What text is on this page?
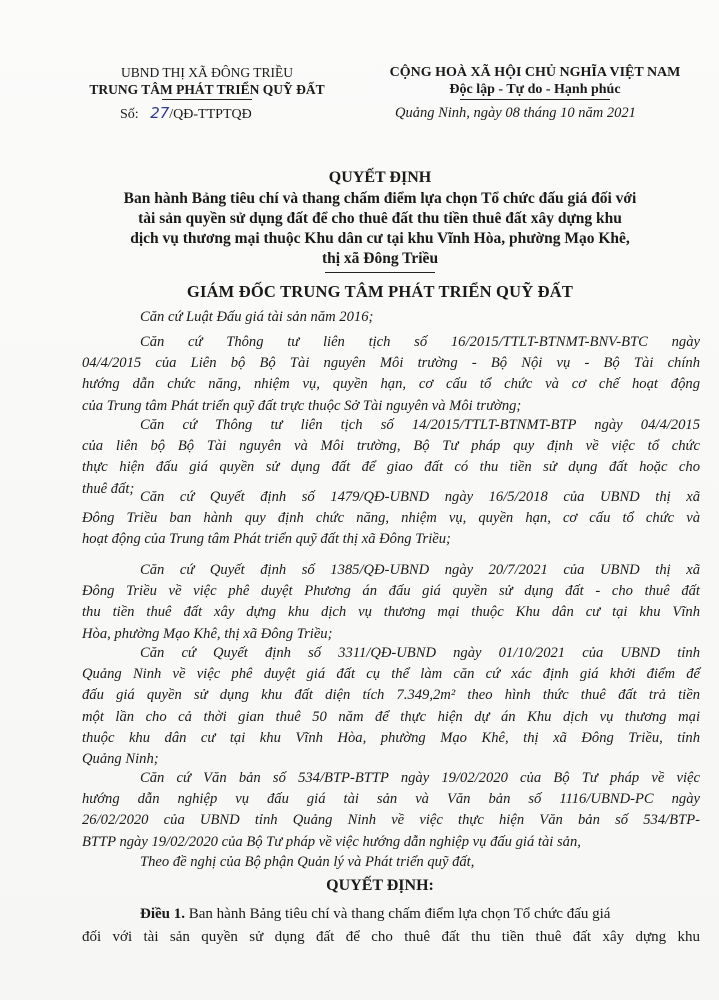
UBND THỊ XÃ ĐÔNG TRIỀU
TRUNG TÂM PHÁT TRIỂN QUỸ ĐẤT
Số: 27/QĐ-TTPTQĐ
CỘNG HOÀ XÃ HỘI CHỦ NGHĨA VIỆT NAM
Độc lập - Tự do - Hạnh phúc
Quảng Ninh, ngày 08 tháng 10 năm 2021
QUYẾT ĐỊNH
Ban hành Bảng tiêu chí và thang chấm điểm lựa chọn Tổ chức đấu giá đối với
tài sản quyền sử dụng đất để cho thuê đất thu tiền thuê đất xây dựng khu
dịch vụ thương mại thuộc Khu dân cư tại khu Vĩnh Hòa, phường Mạo Khê,
thị xã Đông Triều
GIÁM ĐỐC TRUNG TÂM PHÁT TRIỂN QUỸ ĐẤT
Căn cứ Luật Đấu giá tài sản năm 2016;
Căn cứ Thông tư liên tịch số 16/2015/TTLT-BTNMT-BNV-BTC ngày
04/4/2015 của Liên bộ Bộ Tài nguyên Môi trường - Bộ Nội vụ - Bộ Tài chính
hướng dẫn chức năng, nhiệm vụ, quyền hạn, cơ cấu tổ chức và cơ chế hoạt động
của Trung tâm Phát triển quỹ đất trực thuộc Sở Tài nguyên và Môi trường;
Căn cứ Thông tư liên tịch số 14/2015/TTLT-BTNMT-BTP ngày 04/4/2015
của liên bộ Bộ Tài nguyên và Môi trường, Bộ Tư pháp quy định về việc tổ chức
thực hiện đấu giá quyền sử dụng đất để giao đất có thu tiền sử dụng đất hoặc cho
thuê đất;
Căn cứ Quyết định số 1479/QĐ-UBND ngày 16/5/2018 của UBND thị xã
Đông Triều ban hành quy định chức năng, nhiệm vụ, quyền hạn, cơ cấu tổ chức và
hoạt động của Trung tâm Phát triển quỹ đất thị xã Đông Triều;
Căn cứ Quyết định số 1385/QĐ-UBND ngày 20/7/2021 của UBND thị xã
Đông Triều về việc phê duyệt Phương án đấu giá quyền sử dụng đất - cho thuê đất
thu tiền thuê đất xây dựng khu dịch vụ thương mại thuộc Khu dân cư tại khu Vĩnh
Hòa, phường Mạo Khê, thị xã Đông Triều;
Căn cứ Quyết định số 3311/QĐ-UBND ngày 01/10/2021 của UBND tỉnh
Quảng Ninh về việc phê duyệt giá đất cụ thể làm căn cứ xác định giá khởi điểm để
đấu giá quyền sử dụng khu đất diện tích 7.349,2m² theo hình thức thuê đất trả tiền
một lần cho cả thời gian thuê 50 năm để thực hiện dự án Khu dịch vụ thương mại
thuộc khu dân cư tại khu Vĩnh Hòa, phường Mạo Khê, thị xã Đông Triều, tỉnh
Quảng Ninh;
Căn cứ Văn bản số 534/BTP-BTTP ngày 19/02/2020 của Bộ Tư pháp về việc
hướng dẫn nghiệp vụ đấu giá tài sản và Văn bản số 1116/UBND-PC ngày
26/02/2020 của UBND tỉnh Quảng Ninh về việc thực hiện Văn bản số 534/BTP-
BTTP ngày 19/02/2020 của Bộ Tư pháp về việc hướng dẫn nghiệp vụ đấu giá tài sản,
Theo đề nghị của Bộ phận Quản lý và Phát triển quỹ đất,
QUYẾT ĐỊNH:
Điều 1. Ban hành Bảng tiêu chí và thang chấm điểm lựa chọn Tổ chức đấu giá
đối với tài sản quyền sử dụng đất để cho thuê đất thu tiền thuê đất xây dựng khu
